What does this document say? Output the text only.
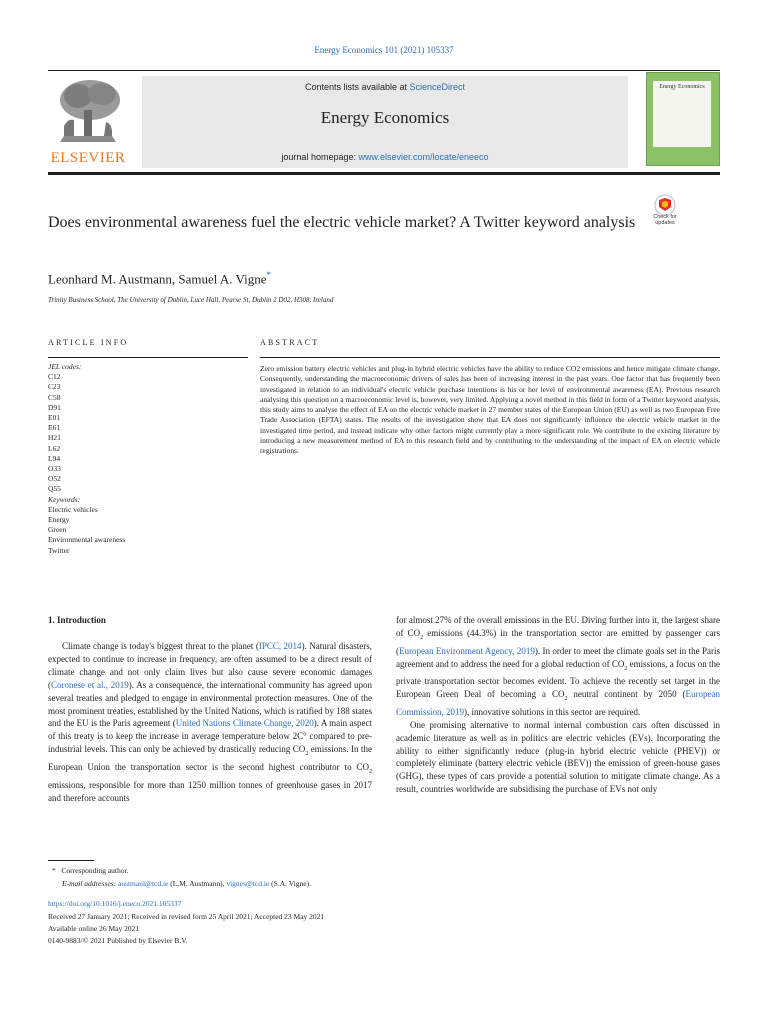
Energy Economics 101 (2021) 105337
ELSEVIER
Contents lists available at ScienceDirect
Energy Economics
journal homepage: www.elsevier.com/locate/eneeco
Energy Economics
Does environmental awareness fuel the electric vehicle market? A Twitter keyword analysis	Check for updates
Leonhard M. Austmann, Samuel A. Vigne*
Trinity Business School, The University of Dublin, Luce Hall, Pearse St, Dublin 2 D02, H308, Ireland
ARTICLE INFO	ABSTRACT
JEL codes:
C12
C23
C58
D91
E01
E61
H21
L62
L94
O33
O52
Q55
Keywords:
Electric vehicles
Energy
Green
Environmental awareness
Twitter
Zero emission battery electric vehicles and plug-in hybrid electric vehicles have the ability to reduce CO2 emissions and hence mitigate climate change. Consequently, understanding the macroeconomic drivers of sales has been of increasing interest in the past years. One factor that has frequently been investigated in relation to an individual's electric vehicle purchase intentions is his or her level of environmental awareness (EA). Previous research analysing this question on a macroeconomic level is, however, very limited. Applying a novel method in this field in form of a Twitter keyword analysis, this study aims to analyse the effect of EA on the electric vehicle market in 27 member states of the European Union (EU) as well as two European Free Trade Association (EFTA) states. The results of the investigation show that EA does not significantly influence the electric vehicle market in the investigated time period, and instead indicate why other factors might currently play a more significant role. We contribute to the existing literature by introducing a new measurement method of EA to this research field and by contributing to the understanding of the impact of EA on electric vehicle registrations.
1. Introduction

Climate change is today's biggest threat to the planet (IPCC, 2014). Natural disasters, expected to continue to increase in frequency, are often assumed to be a direct result of climate change and not only claim lives but also cause severe economic damages (Coronese et al., 2019). As a consequence, the international community has agreed upon several treaties and pledged to engage in environmental protection measures. One of the most prominent treaties, established by the United Nations, which is ratified by 188 states and the EU is the Paris agreement (United Nations Climate Change, 2020). A main aspect of this treaty is to keep the increase in average temperature below 2C° compared to pre-industrial levels. This can only be achieved by drastically reducing $CO_2$ emissions. In the European Union the transportation sector is the second highest contributor to $CO_2$ emissions, responsible for more than 1250 million tonnes of greenhouse gases in 2017 and therefore accounts

for almost 27% of the overall emissions in the EU. Diving further into it, the largest share of $CO_2$ emissions (44.3%) in the transportation sector are emitted by passenger cars (European Environment Agency, 2019). In order to meet the climate goals set in the Paris agreement and to address the need for a global reduction of $CO_2$ emissions, a focus on the private transportation sector becomes evident. To achieve the recently set target in the European Green Deal of becoming a $CO_2$ neutral continent by 2050 (European Commission, 2019), innovative solutions in this sector are required.

One promising alternative to normal internal combustion cars often discussed in academic literature as well as in politics are electric vehicles (EVs). Incorporating the ability to either significantly reduce (plug-in hybrid electric vehicle (PHEV)) or completely eliminate (battery electric vehicle (BEV)) the emission of green-house gases (GHG), these types of cars provide a potential solution to mitigate climate change. As a result, countries worldwide are subsidising the purchase of EVs not only

* Corresponding author.
E-mail addresses: austmanl@tcd.ie (L.M. Austmann), vignes@tcd.ie (S.A. Vigne).
https://doi.org/10.1016/j.eneco.2021.105337
Received 27 January 2021; Received in revised form 25 April 2021; Accepted 23 May 2021
Available online 26 May 2021
0140-9883/© 2021 Published by Elsevier B.V.
